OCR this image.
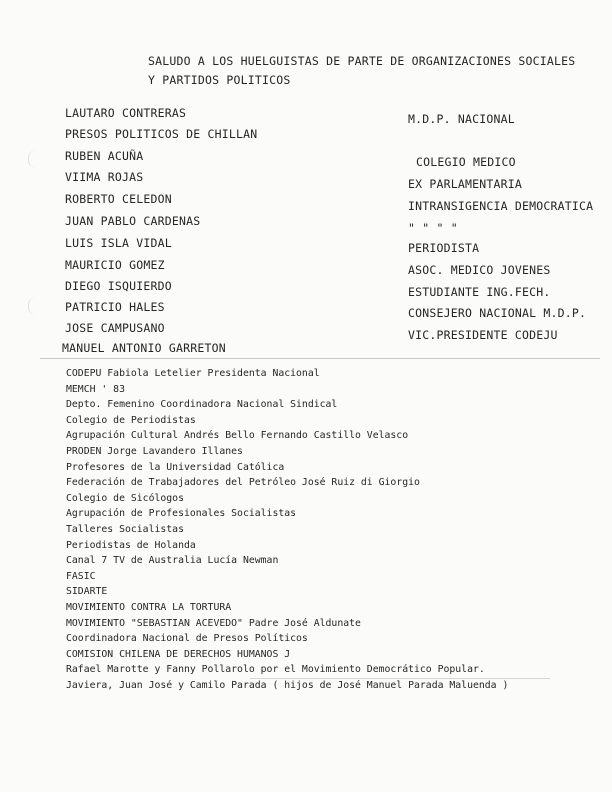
SALUDO A LOS HUELGUISTAS DE PARTE DE ORGANIZACIONES SOCIALES
Y PARTIDOS POLITICOS
LAUTARO CONTRERAS
PRESOS POLITICOS DE CHILLAN
RUBEN ACUÑA
VIIMA ROJAS
ROBERTO CELEDON
JUAN PABLO CARDENAS
LUIS ISLA VIDAL
MAURICIO GOMEZ
DIEGO ISQUIERDO
PATRICIO HALES
JOSE CAMPUSANO
MANUEL ANTONIO GARRETON
M.D.P. NACIONAL
COLEGIO MEDICO
EX PARLAMENTARIA
INTRANSIGENCIA DEMOCRATICA
" " " "
PERIODISTA
ASOC. MEDICO JOVENES
ESTUDIANTE ING.FECH.
CONSEJERO NACIONAL M.D.P.
VIC.PRESIDENTE CODEJU
CODEPU Fabiola Letelier Presidenta Nacional
MEMCH ' 83
Depto. Femenino Coordinadora Nacional Sindical
Colegio de Periodistas
Agrupación Cultural Andrés Bello Fernando Castillo Velasco
PRODEN Jorge Lavandero Illanes
Profesores de la Universidad Católica
Federación de Trabajadores del Petróleo José Ruiz di Giorgio
Colegio de Sicólogos
Agrupación de Profesionales Socialistas
Talleres Socialistas
Periodistas de Holanda
Canal 7 TV de Australia Lucía Newman
FASIC
SIDARTE
MOVIMIENTO CONTRA LA TORTURA
MOVIMIENTO "SEBASTIAN ACEVEDO" Padre José Aldunate
Coordinadora Nacional de Presos Políticos
COMISION CHILENA DE DERECHOS HUMANOS J
Rafael Marotte y Fanny Pollarolo por el Movimiento Democrático Popular.
Javiera, Juan José y Camilo Parada ( hijos de José Manuel Parada Maluenda )
